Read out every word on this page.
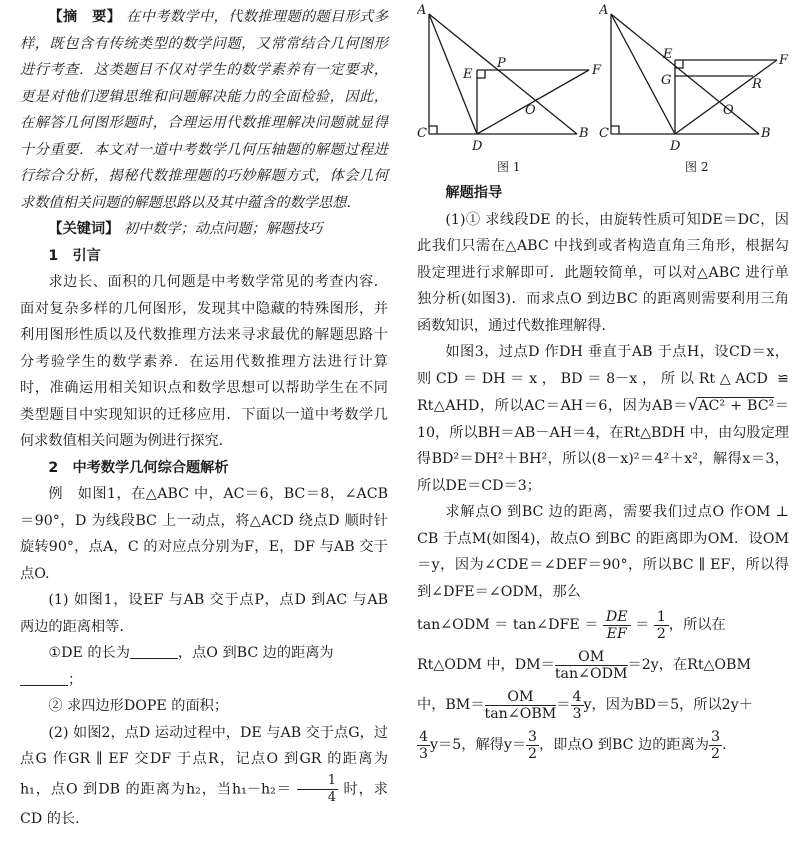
【摘　要】 在中考数学中，代数推理题的题目形式多样，既包含有传统类型的数学问题，又常常结合几何图形进行考查．这类题目不仅对学生的数学素养有一定要求，更是对他们逻辑思维和问题解决能力的全面检验，因此，在解答几何图形题时，合理运用代数推理解决问题就显得十分重要．本文对一道中考数学几何压轴题的解题过程进行综合分析，揭秘代数推理题的巧妙解题方式，体会几何求数值相关问题的解题思路以及其中蕴含的数学思想．

【关键词】 初中数学；动点问题；解题技巧

1　引言

求边长、面积的几何题是中考数学常见的考查内容．面对复杂多样的几何图形，发现其中隐藏的特殊图形，并利用图形性质以及代数推理方法来寻求最优的解题思路十分考验学生的数学素养．在运用代数推理方法进行计算时，准确运用相关知识点和数学思想可以帮助学生在不同类型题目中实现知识的迁移应用．下面以一道中考数学几何求数值相关问题为例进行探究．

2　中考数学几何综合题解析

例　如图1，在△ABC 中，AC＝6，BC＝8，∠ACB＝90°，D 为线段BC 上一动点，将△ACD 绕点D 顺时针旋转90°，点A，C 的对应点分别为F，E，DF 与AB 交于点O.

(1) 如图1，设EF 与AB 交于点P，点D 到AC 与AB 两边的距离相等．

①DE 的长为	，点O 到BC 边的距离为
；

② 求四边形DOPE 的面积；

(2) 如图2，点D 运动过程中，DE 与AB 交于点G，过点G 作GR ∥ EF 交DF 于点R，记点O 到GR 的距离为h₁，点O 到DB 的距离为h₂，当$h_1-h_2= \frac{1}{4}$ 时，求CD 的长.

A
C
D
B
E
P	F
O
图 1
A
C
D
B
E
G
F
R
O
图 2

解题指导

(1)① 求线段DE 的长，由旋转性质可知DE＝DC，因此我们只需在△ABC 中找到或者构造直角三角形，根据勾股定理进行求解即可．此题较简单，可以对△ABC 进行单独分析(如图3)．而求点O 到边BC 的距离则需要利用三角函数知识，通过代数推理解得．

如图3，过点D 作DH 垂直于AB 于点H，设CD＝x，则CD＝DH＝x，BD＝8－x，所以Rt△ACD ≌ Rt△AHD，所以AC＝AH＝6，因为AB＝√AC² + BC²＝10，所以BH＝AB－AH＝4，在Rt△BDH 中，由勾股定理得BD²＝DH²＋BH²，所以(8－x)²＝4²＋x²，解得x＝3，所以DE＝CD＝3；

求解点O 到BC 边的距离，需要我们过点O 作OM ⊥ CB 于点M(如图4)，故点O 到BC 的距离即为OM．设OM＝y，因为∠CDE＝∠DEF＝90°，所以BC ∥ EF，所以得到∠DFE＝∠ODM，那么

tan∠ODM ＝ tan∠DFE ＝ $\frac{DE}{EF} = \frac{1}{2}$ ，所以在

Rt△ODM 中，DM＝
OM
tan∠ODM
＝2y，在Rt△OBM

中，BM＝
OM
tan∠OBM
＝ $\frac{4}{3}$ y，因为BD＝5，所以2y＋

$\frac{4}{3} y=5$，解得$y= \frac{3}{2}$ ，即点O 到BC 边的距离为 $\frac{3}{2}$ .
